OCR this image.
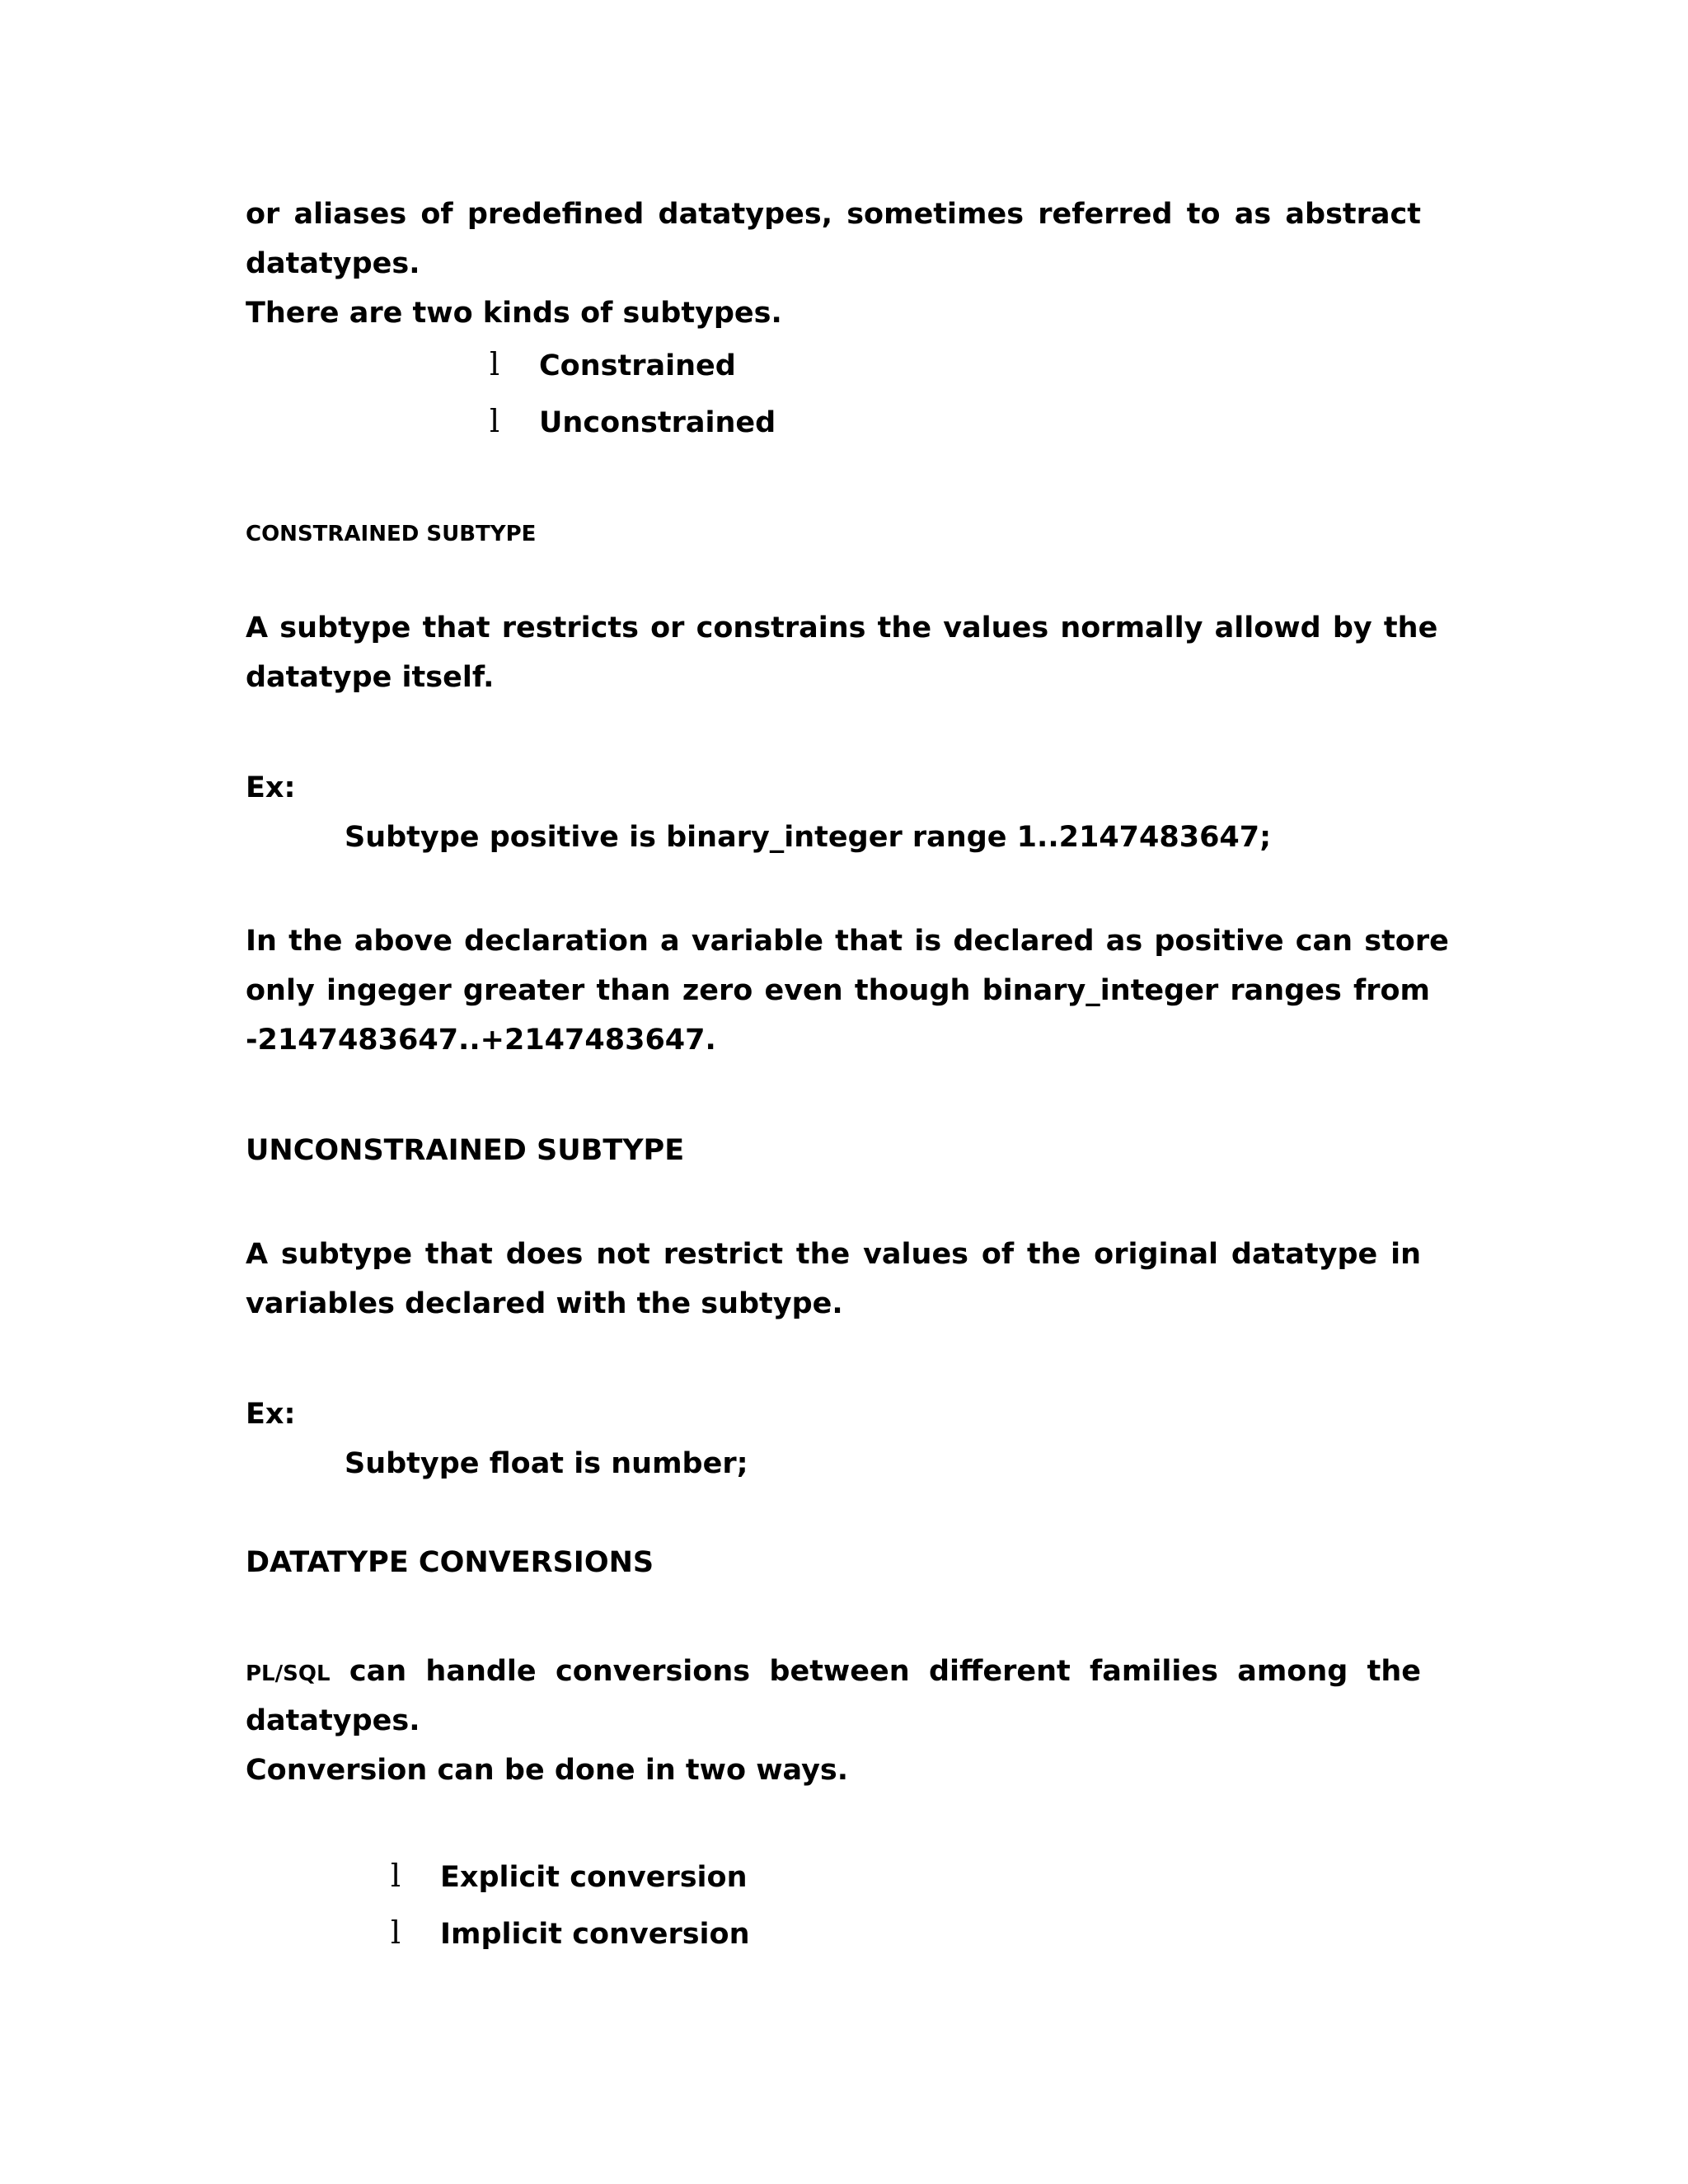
or aliases of predefined datatypes, sometimes referred to as abstract
datatypes.
There are two kinds of subtypes.
l Constrained
l Unconstrained
CONSTRAINED SUBTYPE
A subtype that restricts or constrains the values normally allowd by the
datatype itself.
Ex:
Subtype positive is binary_integer range 1..2147483647;
In the above declaration a variable that is declared as positive can store
only ingeger greater than zero even though binary_integer ranges from
-2147483647..+2147483647.
UNCONSTRAINED SUBTYPE
A subtype that does not restrict the values of the original datatype in
variables declared with the subtype.
Ex:
Subtype float is number;
DATATYPE CONVERSIONS
PL/SQL can handle conversions between different families among the
datatypes.
Conversion can be done in two ways.
l Explicit conversion
l Implicit conversion
